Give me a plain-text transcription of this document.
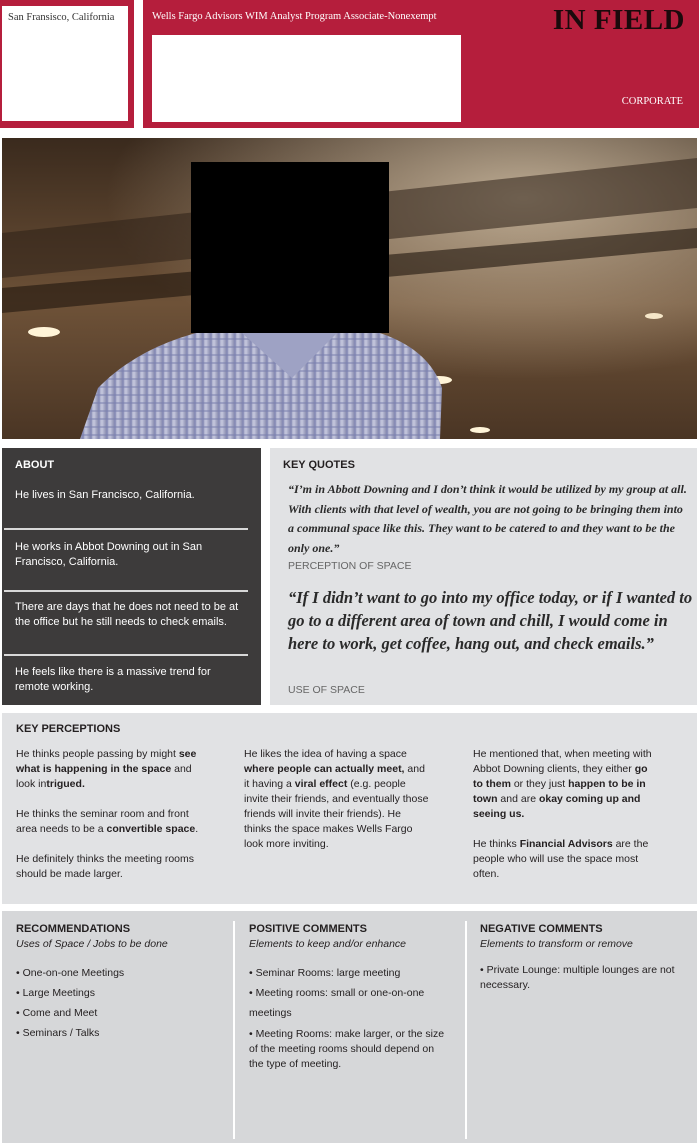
San Fransisco, California	Wells Fargo Advisors WIM Analyst Program Associate-Nonexempt	IN FIELD
CORPORATE
ABOUT
He lives in San Francisco, California.
He works in Abbot Downing out in San Francisco, California.
There are days that he does not need to be at the office but he still needs to check emails.
He feels like there is a massive trend for remote working.
KEY QUOTES
“I’m in Abbott Downing and I don’t think it would be utilized by my group at all. With clients with that level of wealth, you are not going to be bringing them into a communal space like this. They want to be catered to and they want to be the only one.”
PERCEPTION OF SPACE
“If I didn’t want to go into my office today, or if I wanted to go to a different area of town and chill, I would come in here to work, get coffee, hang out, and check emails.”
USE OF SPACE
KEY PERCEPTIONS

He thinks people passing by might see what is happening in the space and look intrigued.

He thinks the seminar room and front area needs to be a convertible space.

He definitely thinks the meeting rooms should be made larger.

He likes the idea of having a space where people can actually meet, and it having a viral effect (e.g. people invite their friends, and eventually those friends will invite their friends). He thinks the space makes Wells Fargo look more inviting.

He mentioned that, when meeting with Abbot Downing clients, they either go to them or they just happen to be in town and are okay coming up and seeing us.

He thinks Financial Advisors are the people who will use the space most often.

RECOMMENDATIONS
Uses of Space / Jobs to be done
• One-on-one Meetings
• Large Meetings
• Come and Meet
• Seminars / Talks
POSITIVE COMMENTS
Elements to keep and/or enhance
• Seminar Rooms: large meeting
• Meeting rooms: small or one-on-one meetings
• Meeting Rooms: make larger, or the size of the meeting rooms should depend on the type of meeting.
NEGATIVE COMMENTS
Elements to transform or remove
• Private Lounge: multiple lounges are not necessary.
